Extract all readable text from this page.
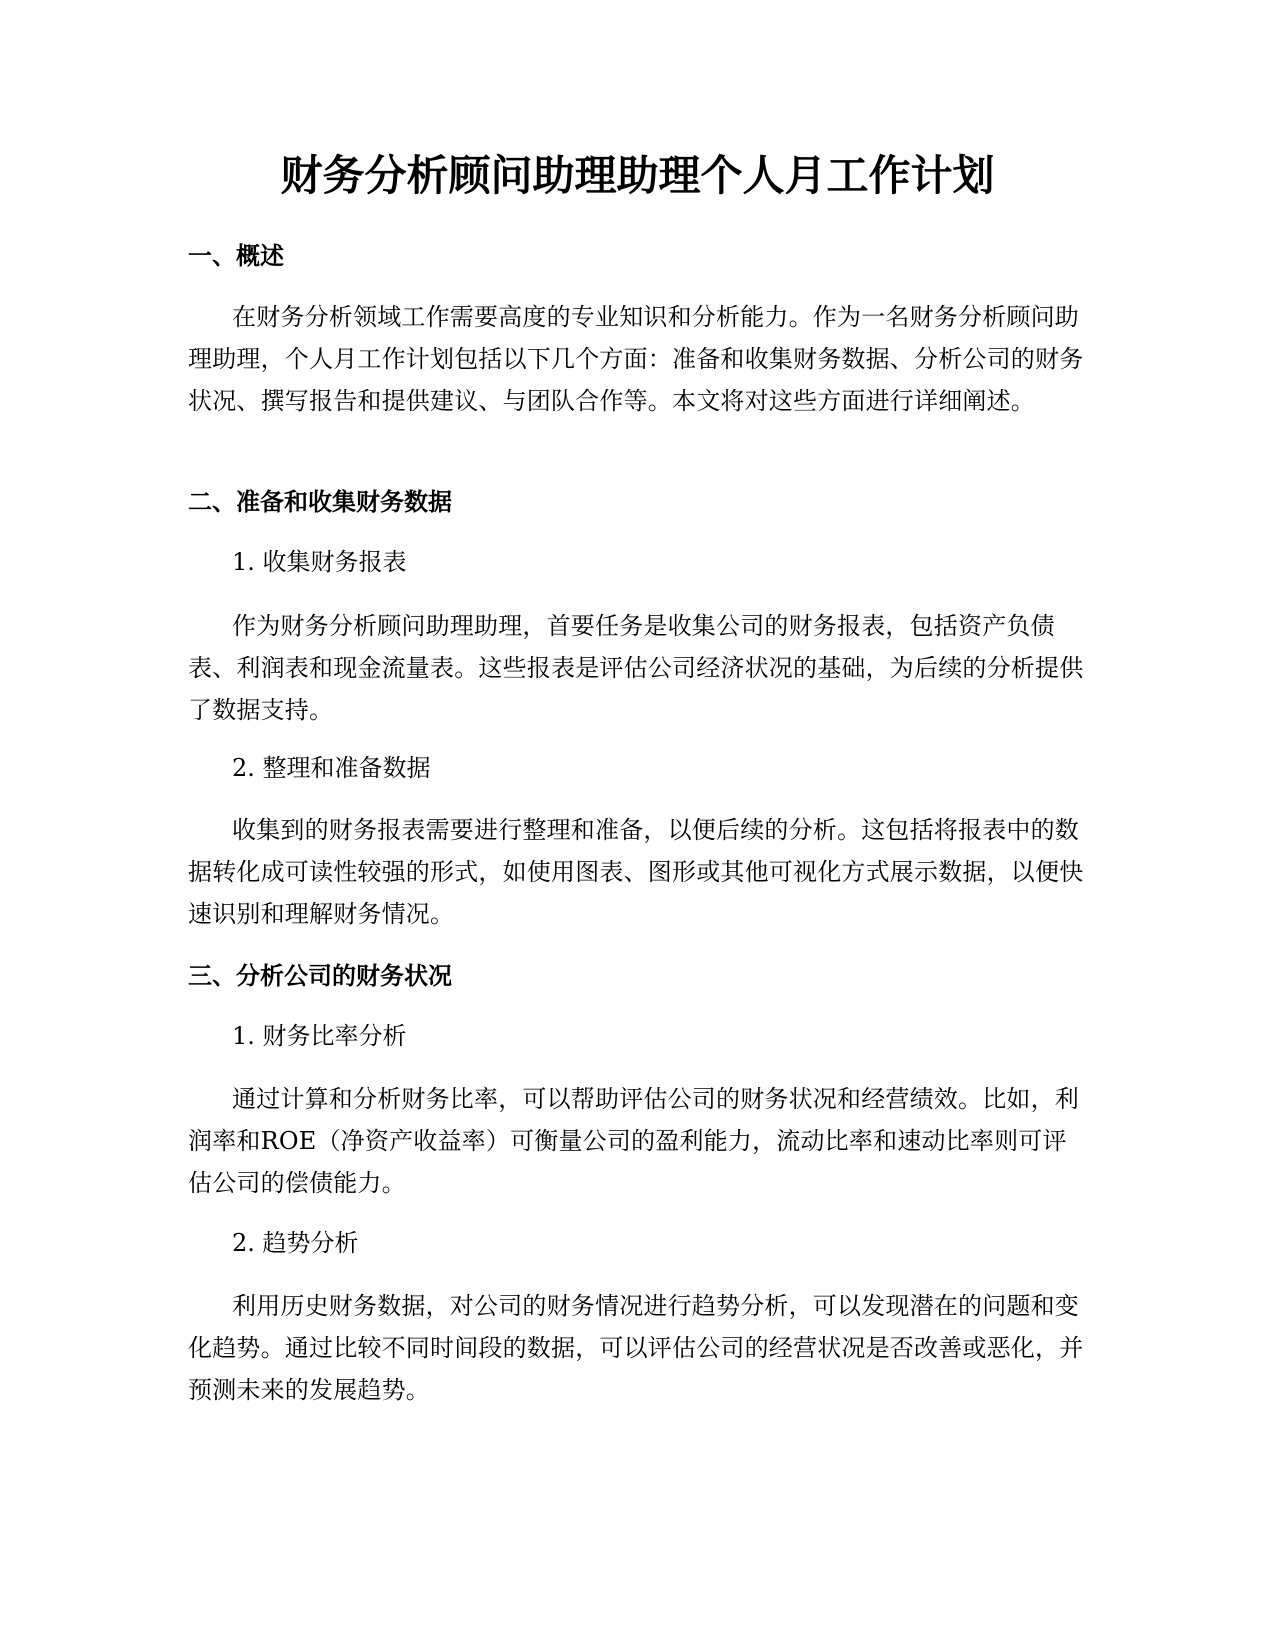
财务分析顾问助理助理个人月工作计划
一、概述

在财务分析领域工作需要高度的专业知识和分析能力。作为一名财务分析顾问助理助理，个人月工作计划包括以下几个方面：准备和收集财务数据、分析公司的财务状况、撰写报告和提供建议、与团队合作等。本文将对这些方面进行详细阐述。

二、准备和收集财务数据

1. 收集财务报表

作为财务分析顾问助理助理，首要任务是收集公司的财务报表，包括资产负债表、利润表和现金流量表。这些报表是评估公司经济状况的基础，为后续的分析提供了数据支持。

2. 整理和准备数据

收集到的财务报表需要进行整理和准备，以便后续的分析。这包括将报表中的数据转化成可读性较强的形式，如使用图表、图形或其他可视化方式展示数据，以便快速识别和理解财务情况。

三、分析公司的财务状况

1. 财务比率分析

通过计算和分析财务比率，可以帮助评估公司的财务状况和经营绩效。比如，利润率和ROE（净资产收益率）可衡量公司的盈利能力，流动比率和速动比率则可评估公司的偿债能力。

2. 趋势分析

利用历史财务数据，对公司的财务情况进行趋势分析，可以发现潜在的问题和变化趋势。通过比较不同时间段的数据，可以评估公司的经营状况是否改善或恶化，并预测未来的发展趋势。
